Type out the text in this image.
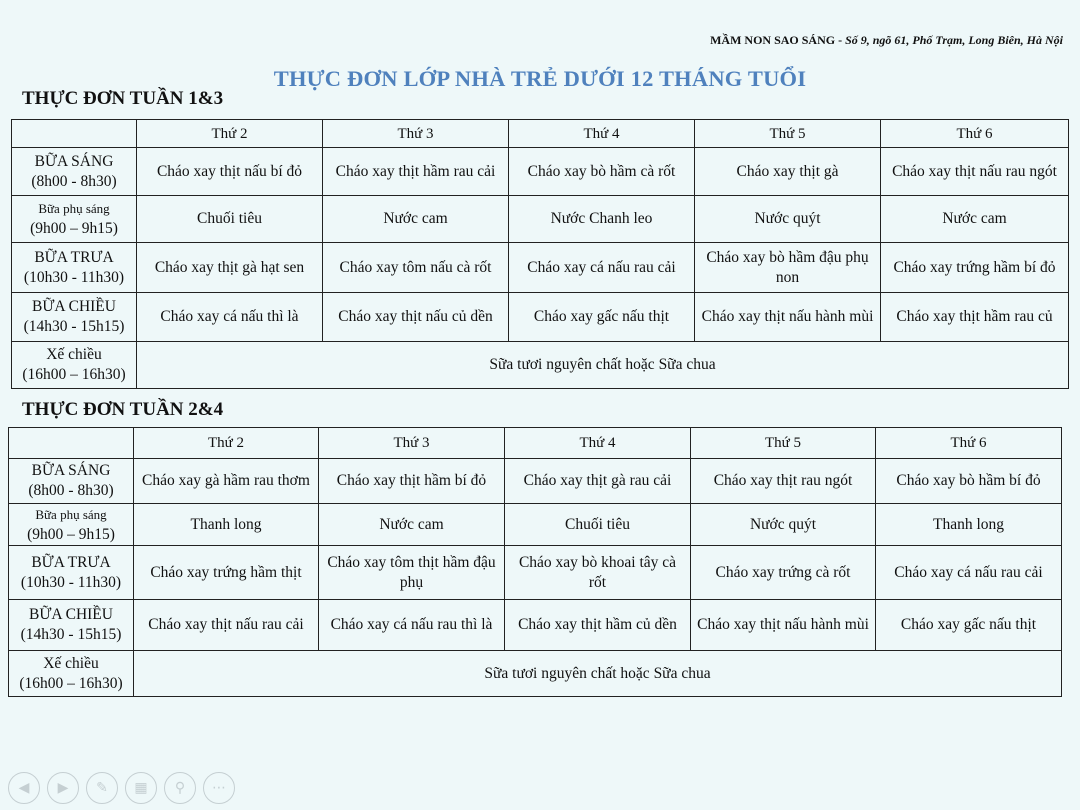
MẦM NON SAO SÁNG - Số 9, ngõ 61, Phố Trạm, Long Biên, Hà Nội
THỰC ĐƠN LỚP NHÀ TRẺ DƯỚI 12 THÁNG TUỔI
THỰC ĐƠN TUẦN 1&3
	Thứ 2	Thứ 3	Thứ 4	Thứ 5	Thứ 6

BỮA SÁNG
(8h00 - 8h30)	Cháo xay thịt nấu bí đỏ	Cháo xay thịt hầm rau cải	Cháo xay bò hầm cà rốt	Cháo xay thịt gà	Cháo xay thịt nấu rau ngót

Bữa phụ sáng
(9h00 – 9h15)	Chuối tiêu	Nước cam	Nước Chanh leo	Nước quýt	Nước cam

BỮA TRƯA
(10h30 - 11h30)	Cháo xay thịt gà hạt sen	Cháo xay tôm nấu cà rốt	Cháo xay cá nấu rau cải	Cháo xay bò hầm đậu phụ non	Cháo xay trứng hầm bí đỏ

BỮA CHIỀU
(14h30 - 15h15)	Cháo xay cá nấu thì là	Cháo xay thịt nấu củ dền	Cháo xay gấc nấu thịt	Cháo xay thịt nấu hành mùi	Cháo xay thịt hầm rau củ

Xế chiều
(16h00 – 16h30)	Sữa tươi nguyên chất hoặc Sữa chua				
THỰC ĐƠN TUẦN 2&4
	Thứ 2	Thứ 3	Thứ 4	Thứ 5	Thứ 6

BỮA SÁNG
(8h00 - 8h30)	Cháo xay gà hầm rau thơm	Cháo xay thịt hầm bí đỏ	Cháo xay thịt gà rau cải	Cháo xay thịt rau ngót	Cháo xay bò hầm bí đỏ

Bữa phụ sáng
(9h00 – 9h15)	Thanh long	Nước cam	Chuối tiêu	Nước quýt	Thanh long

BỮA TRƯA
(10h30 - 11h30)	Cháo xay trứng hầm thịt	Cháo xay tôm thịt hầm đậu phụ	Cháo xay bò khoai tây cà rốt	Cháo xay trứng cà rốt	Cháo xay cá nấu rau cải

BỮA CHIỀU
(14h30 - 15h15)	Cháo xay thịt nấu rau cải	Cháo xay cá nấu rau thì là	Cháo xay thịt hầm củ dền	Cháo xay thịt nấu hành mùi	Cháo xay gấc nấu thịt

Xế chiều
(16h00 – 16h30)	Sữa tươi nguyên chất hoặc Sữa chua				
◀	▶	✎	▦	⚲	⋯
